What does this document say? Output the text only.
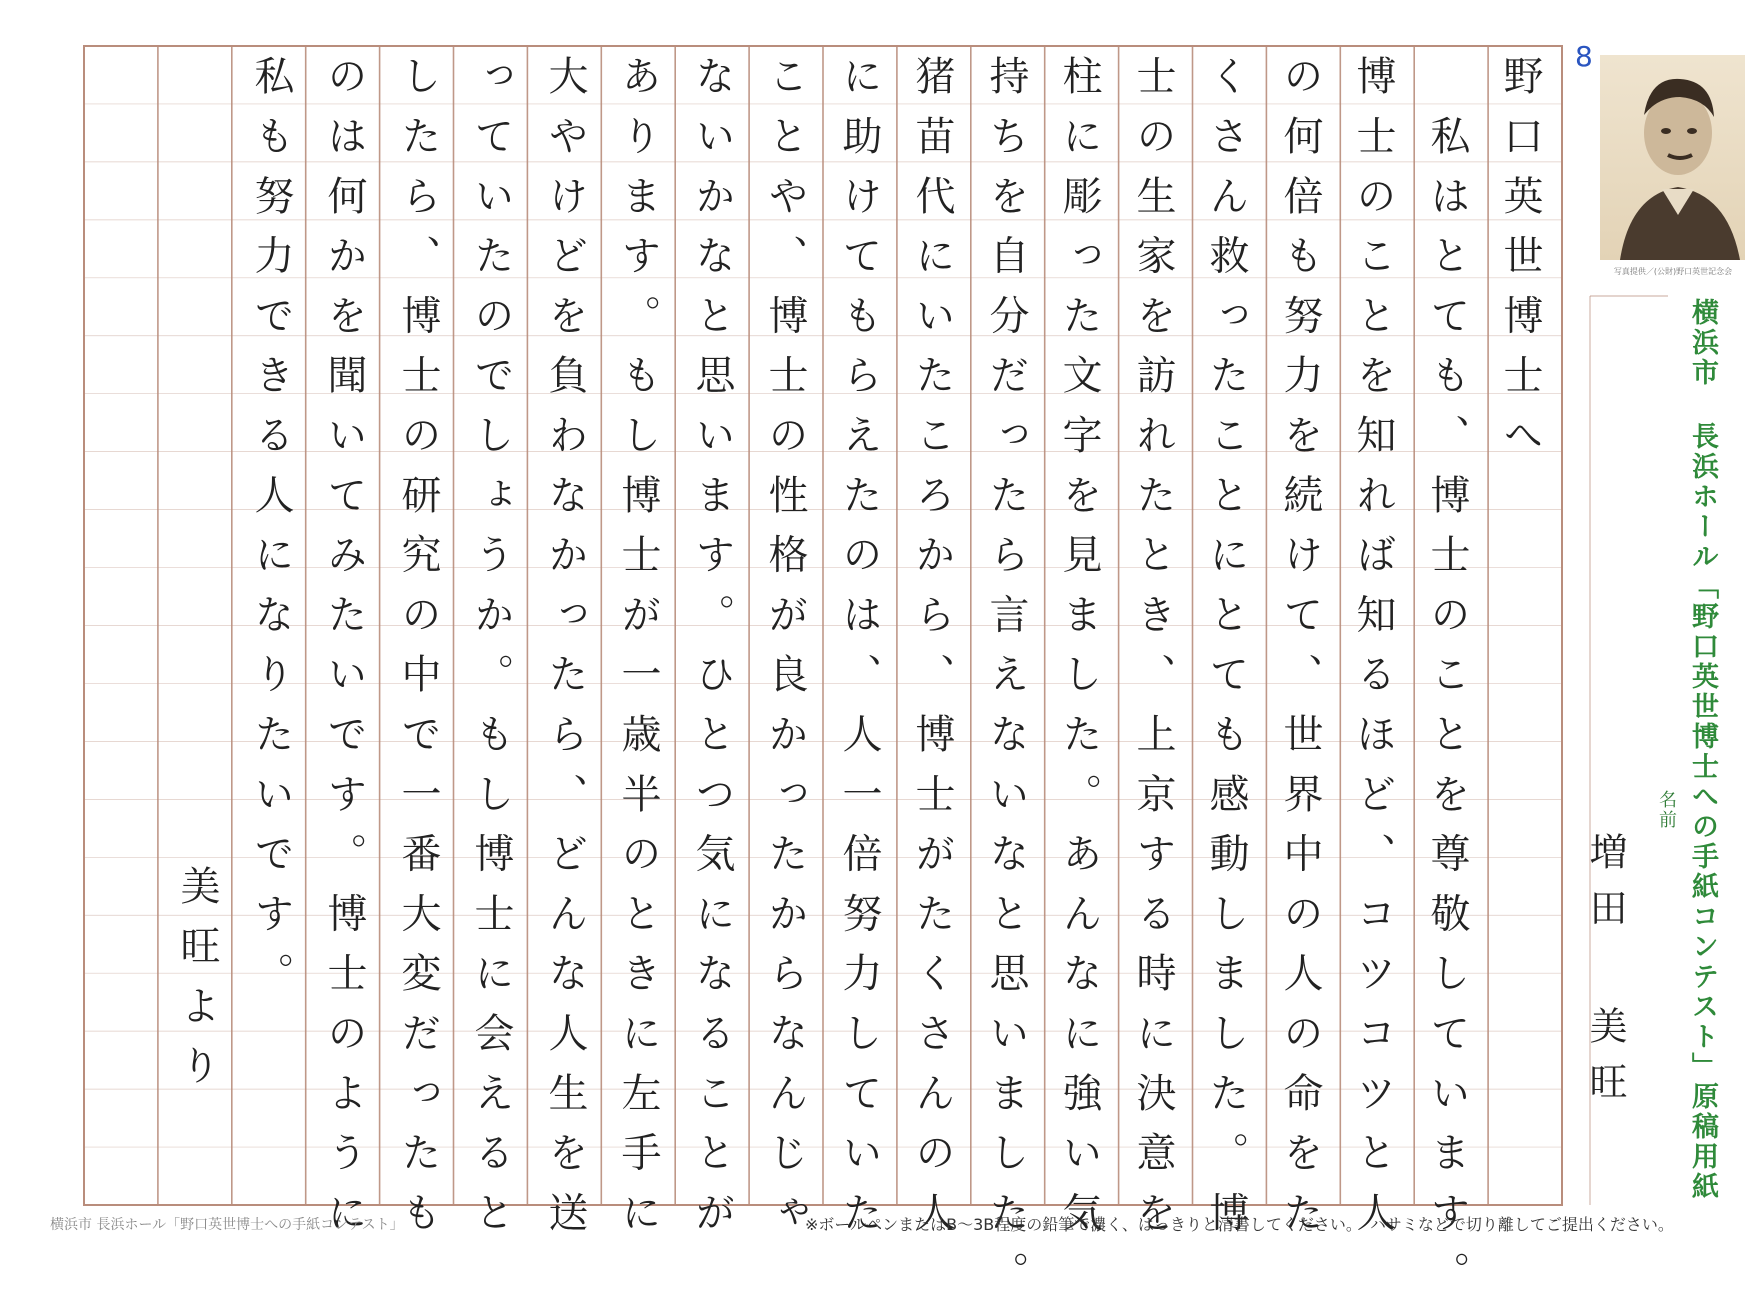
8
野口英世博士へ
　私はとても、博士のことを尊敬しています。
博士のことを知れば知るほど、コツコツと人
の何倍も努力を続けて、世界中の人の命をた
くさん救ったことにとても感動しました。博
士の生家を訪れたとき、上京する時に決意を
柱に彫った文字を見ました。あんなに強い気
持ちを自分だったら言えないなと思いました。
猪苗代にいたころから、博士がたくさんの人
に助けてもらえたのは、人一倍努力していた
ことや、博士の性格が良かったからなんじゃ
ないかなと思います。ひとつ気になることが
あります。もし博士が一歳半のときに左手に
大やけどを負わなかったら、どんな人生を送
っていたのでしょうか。もし博士に会えると
したら、博士の研究の中で一番大変だったも
のは何かを聞いてみたいです。博士のように
私も努力できる人になりたいです。
美旺より
写真提供／(公財)野口英世記念会
横浜市 長浜ホール「野口英世博士への手紙コンテスト」原稿用紙
名前
増田 美旺
横浜市 長浜ホール「野口英世博士への手紙コンテスト」	※ボールペンまたはB〜3B程度の鉛筆で濃く、はっきりと清書してください。　ハサミなどで切り離してご提出ください。
